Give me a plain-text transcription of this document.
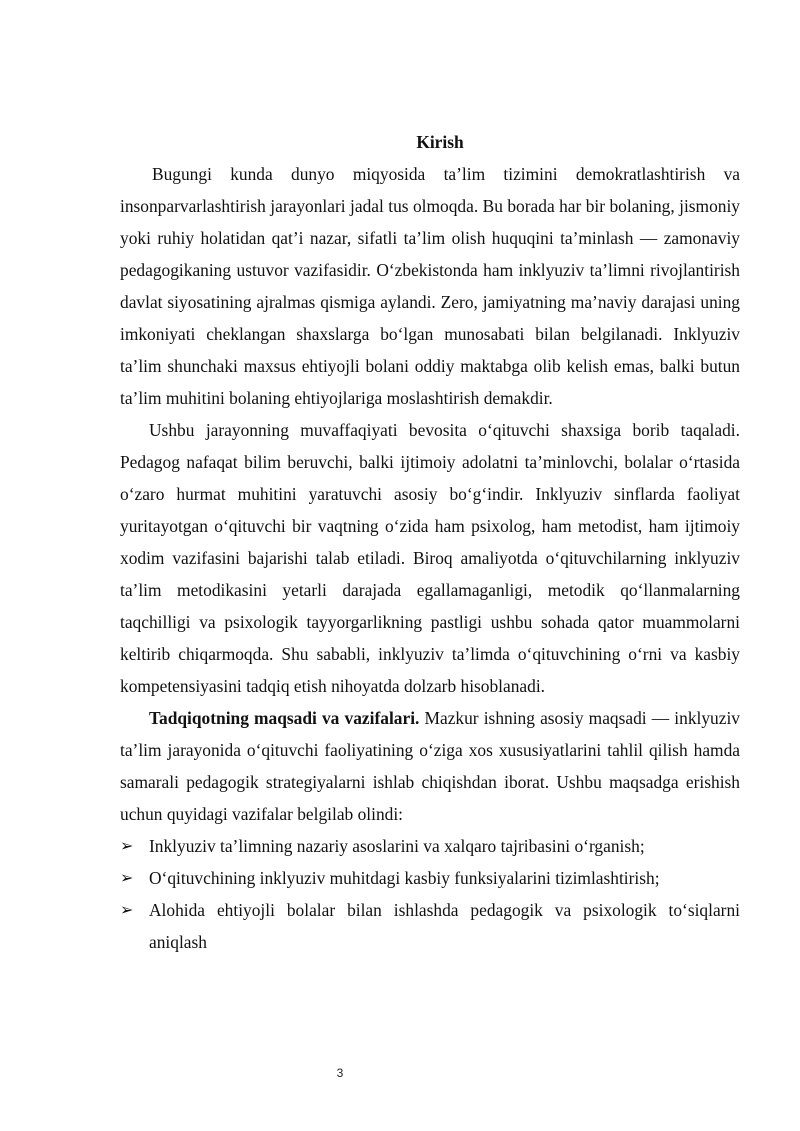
Kirish

Bugungi kunda dunyo miqyosida ta’lim tizimini demokratlashtirish va insonparvarlashtirish jarayonlari jadal tus olmoqda. Bu borada har bir bolaning, jismoniy yoki ruhiy holatidan qat’i nazar, sifatli ta’lim olish huquqini ta’minlash — zamonaviy pedagogikaning ustuvor vazifasidir. O‘zbekistonda ham inklyuziv ta’limni rivojlantirish davlat siyosatining ajralmas qismiga aylandi. Zero, jamiyatning ma’naviy darajasi uning imkoniyati cheklangan shaxslarga bo‘lgan munosabati bilan belgilanadi. Inklyuziv ta’lim shunchaki maxsus ehtiyojli bolani oddiy maktabga olib kelish emas, balki butun ta’lim muhitini bolaning ehtiyojlariga moslashtirish demakdir.

Ushbu jarayonning muvaffaqiyati bevosita o‘qituvchi shaxsiga borib taqaladi. Pedagog nafaqat bilim beruvchi, balki ijtimoiy adolatni ta’minlovchi, bolalar o‘rtasida o‘zaro hurmat muhitini yaratuvchi asosiy bo‘g‘indir. Inklyuziv sinflarda faoliyat yuritayotgan o‘qituvchi bir vaqtning o‘zida ham psixolog, ham metodist, ham ijtimoiy xodim vazifasini bajarishi talab etiladi. Biroq amaliyotda o‘qituvchilarning inklyuziv ta’lim metodikasini yetarli darajada egallamaganligi, metodik qo‘llanmalarning taqchilligi va psixologik tayyorgarlikning pastligi ushbu sohada qator muammolarni keltirib chiqarmoqda. Shu sababli, inklyuziv ta’limda o‘qituvchining o‘rni va kasbiy kompetensiyasini tadqiq etish nihoyatda dolzarb hisoblanadi.

Tadqiqotning maqsadi va vazifalari. Mazkur ishning asosiy maqsadi — inklyuziv ta’lim jarayonida o‘qituvchi faoliyatining o‘ziga xos xususiyatlarini tahlil qilish hamda samarali pedagogik strategiyalarni ishlab chiqishdan iborat. Ushbu maqsadga erishish uchun quyidagi vazifalar belgilab olindi:

➢ Inklyuziv ta’limning nazariy asoslarini va xalqaro tajribasini o‘rganish;
➢ O‘qituvchining inklyuziv muhitdagi kasbiy funksiyalarini tizimlashtirish;
➢ Alohida ehtiyojli bolalar bilan ishlashda pedagogik va psixologik to‘siqlarni aniqlash
3
